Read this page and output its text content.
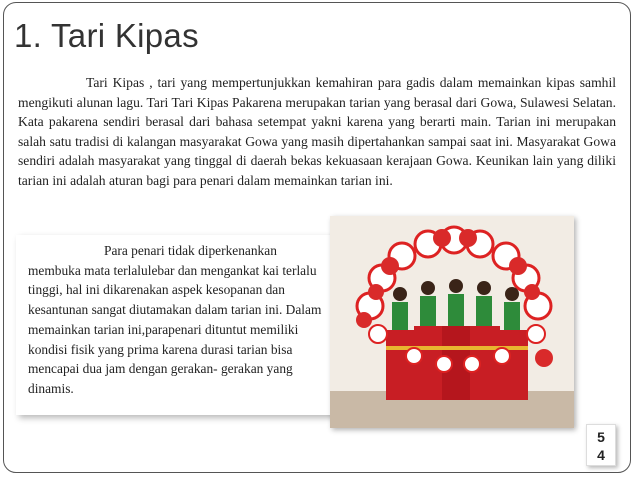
1. Tari Kipas
Tari Kipas , tari yang mempertunjukkan kemahiran para gadis dalam memainkan kipas samhil mengikuti alunan lagu. Tari Tari Kipas Pakarena merupakan tarian yang berasal dari Gowa, Sulawesi Selatan. Kata pakarena sendiri berasal dari bahasa setempat yakni karena yang berarti main. Tarian ini merupakan salah satu tradisi di kalangan masyarakat Gowa yang masih dipertahankan sampai saat ini. Masyarakat Gowa sendiri adalah masyarakat yang tinggal di daerah bekas kekuasaan kerajaan Gowa. Keunikan lain yang diliki tarian ini adalah aturan bagi para penari dalam memainkan tarian ini.
Para penari tidak diperkenankan membuka mata terlalulebar dan mengankat kai terlalu tinggi, hal ini dikarenakan aspek kesopanan dan kesantunan sangat diutamakan dalam tarian ini. Dalam memainkan tarian ini,parapenari dituntut memiliki kondisi fisik yang prima karena durasi tarian bisa mencapai dua jam dengan gerakan- gerakan yang dinamis.
5
4
